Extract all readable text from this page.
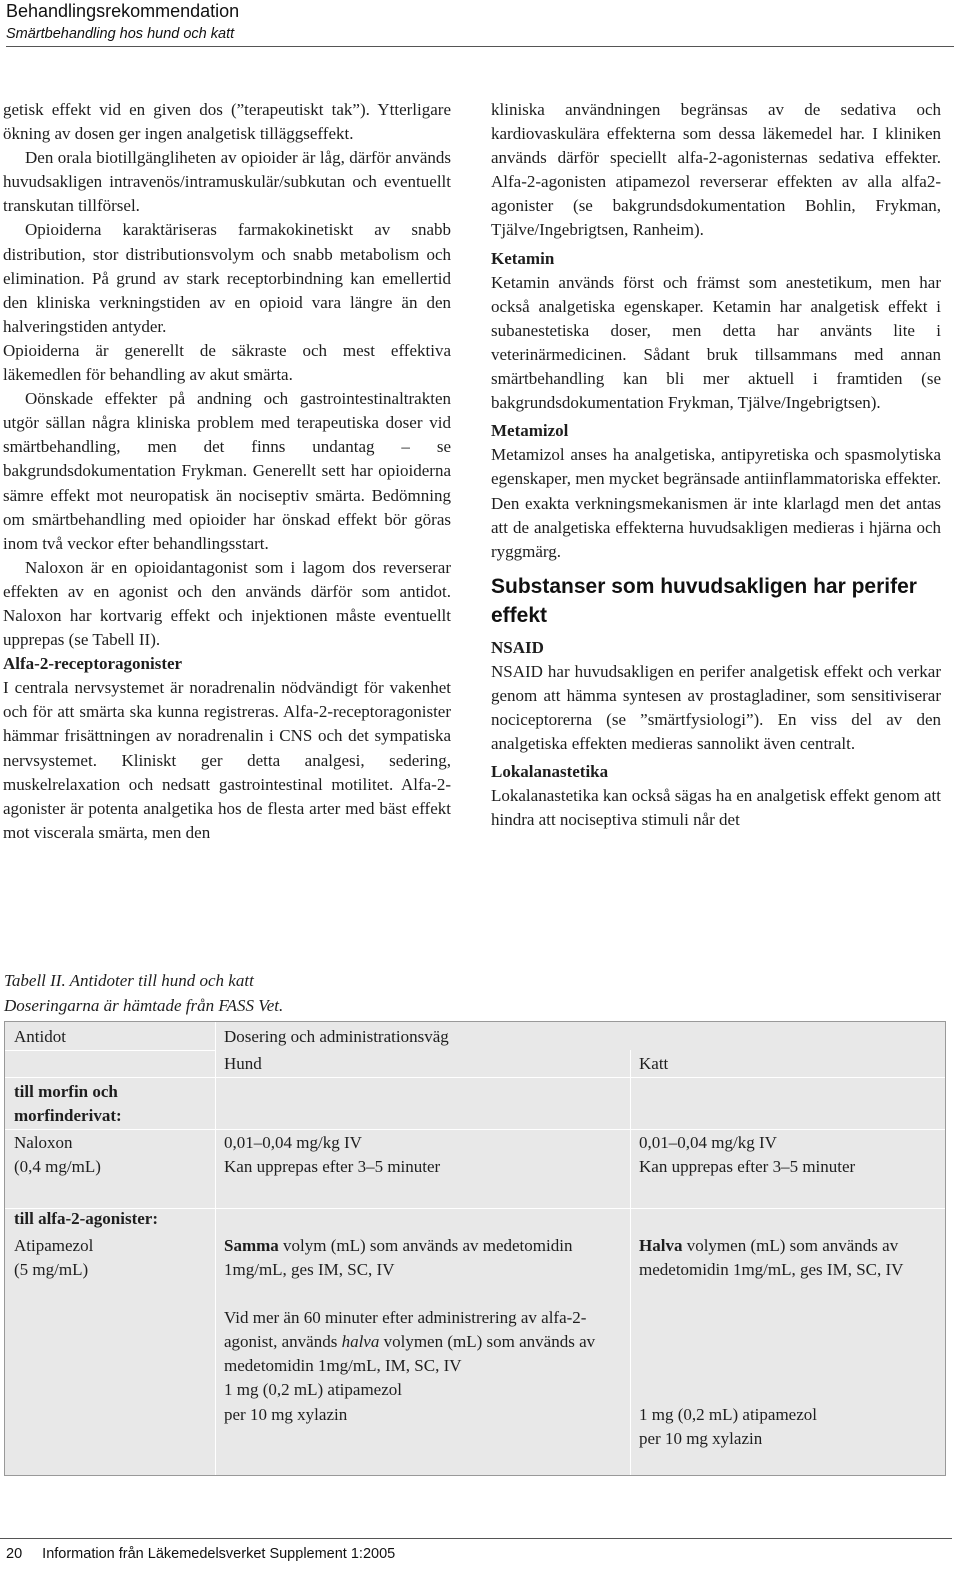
Behandlingsrekommendation
Smärtbehandling hos hund och katt

getisk effekt vid en given dos (”terapeutiskt tak”). Ytterligare ökning av dosen ger ingen analgetisk tilläggseffekt.

Den orala biotillgängliheten av opioider är låg, därför används huvudsakligen intravenös/intramuskulär/subkutan och eventuellt transkutan tillförsel.

Opioiderna karaktäriseras farmakokinetiskt av snabb distribution, stor distributionsvolym och snabb metabolism och elimination. På grund av stark receptorbindning kan emellertid den kliniska verkningstiden av en opioid vara längre än den halveringstiden antyder.

Opioiderna är generellt de säkraste och mest effektiva läkemedlen för behandling av akut smärta.

Oönskade effekter på andning och gastrointestinaltrakten utgör sällan några kliniska problem med terapeutiska doser vid smärtbehandling, men det finns undantag – se bakgrundsdokumentation Frykman. Generellt sett har opioiderna sämre effekt mot neuropatisk än nociseptiv smärta. Bedömning om smärtbehandling med opioider har önskad effekt bör göras inom två veckor efter behandlingsstart.

Naloxon är en opioidantagonist som i lagom dos reverserar effekten av en agonist och den används därför som antidot. Naloxon har kortvarig effekt och injektionen måste eventuellt upprepas (se Tabell II).

Alfa-2-receptoragonister

I centrala nervsystemet är noradrenalin nödvändigt för vakenhet och för att smärta ska kunna registreras. Alfa-2-receptoragonister hämmar frisättningen av noradrenalin i CNS och det sympatiska nervsystemet. Kliniskt ger detta analgesi, sedering, muskelrelaxation och nedsatt gastrointestinal motilitet. Alfa-2-agonister är potenta analgetika hos de flesta arter med bäst effekt mot viscerala smärta, men den

kliniska användningen begränsas av de sedativa och kardiovaskulära effekterna som dessa läkemedel har. I kliniken används därför speciellt alfa-2-agonisternas sedativa effekter. Alfa-2-agonisten atipamezol reverserar effekten av alla alfa2-agonister (se bakgrundsdokumentation Bohlin, Frykman, Tjälve/Ingebrigtsen, Ranheim).

Ketamin

Ketamin används först och främst som anestetikum, men har också analgetiska egenskaper. Ketamin har analgetisk effekt i subanestetiska doser, men detta har använts lite i veterinärmedicinen. Sådant bruk tillsammans med annan smärtbehandling kan bli mer aktuell i framtiden (se bakgrundsdokumentation Frykman, Tjälve/Ingebrigtsen).

Metamizol

Metamizol anses ha analgetiska, antipyretiska och spasmolytiska egenskaper, men mycket begränsade antiinflammatoriska effekter. Den exakta verkningsmekanismen är inte klarlagd men det antas att de analgetiska effekterna huvudsakligen medieras i hjärna och ryggmärg.

Substanser som huvudsakligen har perifer effekt
NSAID

NSAID har huvudsakligen en perifer analgetisk effekt och verkar genom att hämma syntesen av prostagladiner, som sensitiviserar nociceptorerna (se ”smärtfysiologi”). En viss del av den analgetiska effekten medieras sannolikt även centralt.

Lokalanastetika

Lokalanastetika kan också sägas ha en analgetisk effekt genom att hindra att nociseptiva stimuli når det

Tabell II. Antidoter till hund och katt
Doseringarna är hämtade från FASS Vet.
Antidot	Dosering och administrationsväg
Hund	Katt
till morfin och morfinderivat:
Naloxon
(0,4 mg/mL)
0,01–0,04 mg/kg IV
Kan upprepas efter 3–5 minuter
0,01–0,04 mg/kg IV
Kan upprepas efter 3–5 minuter
till alfa-2-agonister:
Atipamezol
(5 mg/mL)
Samma volym (mL) som används av medetomidin 1mg/mL, ges IM, SC, IV
Vid mer än 60 minuter efter administrering av alfa-2-agonist, används halva volymen (mL) som används av medetomidin 1mg/mL, IM, SC, IV
1 mg (0,2 mL) atipamezol
per 10 mg xylazin
Halva volymen (mL) som används av medetomidin 1mg/mL, ges IM, SC, IV
1 mg (0,2 mL) atipamezol
per 10 mg xylazin
20 Information från Läkemedelsverket Supplement 1:2005
